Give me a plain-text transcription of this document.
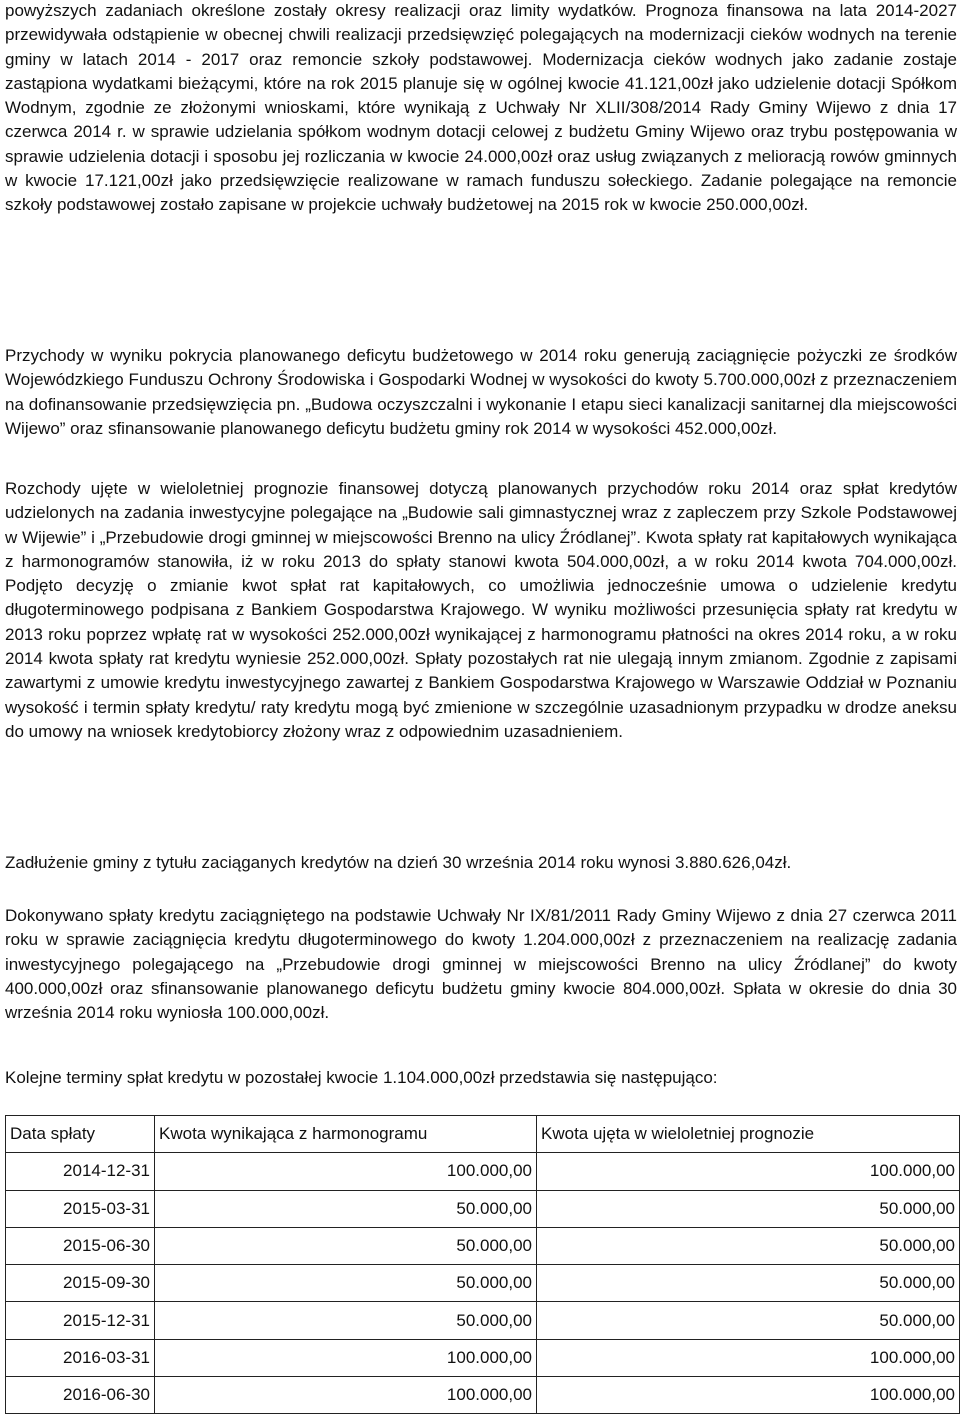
powyższych zadaniach określone zostały okresy realizacji oraz limity wydatków. Prognoza finansowa na lata 2014-2027 przewidywała odstąpienie w obecnej chwili realizacji przedsięwzięć polegających na modernizacji cieków wodnych na terenie gminy w latach 2014 - 2017 oraz remoncie szkoły podstawowej. Modernizacja cieków wodnych jako zadanie zostaje zastąpiona wydatkami bieżącymi, które na rok 2015 planuje się w ogólnej kwocie 41.121,00zł jako udzielenie dotacji Spółkom Wodnym, zgodnie ze złożonymi wnioskami, które wynikają z Uchwały Nr XLII/308/2014 Rady Gminy Wijewo z dnia 17 czerwca 2014 r. w sprawie udzielania spółkom wodnym dotacji celowej z budżetu Gminy Wijewo oraz trybu postępowania w sprawie udzielenia dotacji i sposobu jej rozliczania w kwocie 24.000,00zł oraz usług związanych z melioracją rowów gminnych w kwocie 17.121,00zł jako przedsięwzięcie realizowane w ramach funduszu sołeckiego. Zadanie polegające na remoncie szkoły podstawowej zostało zapisane w projekcie uchwały budżetowej na 2015 rok w kwocie 250.000,00zł.

Przychody w wyniku pokrycia planowanego deficytu budżetowego w 2014 roku generują zaciągnięcie pożyczki ze środków Wojewódzkiego Funduszu Ochrony Środowiska i Gospodarki Wodnej w wysokości do kwoty 5.700.000,00zł z przeznaczeniem na dofinansowanie przedsięwzięcia pn. „Budowa oczyszczalni i wykonanie I etapu sieci kanalizacji sanitarnej dla miejscowości Wijewo” oraz sfinansowanie planowanego deficytu budżetu gminy rok 2014 w wysokości 452.000,00zł.

Rozchody ujęte w wieloletniej prognozie finansowej dotyczą planowanych przychodów roku 2014 oraz spłat kredytów udzielonych na zadania inwestycyjne polegające na „Budowie sali gimnastycznej wraz z zapleczem przy Szkole Podstawowej w Wijewie” i „Przebudowie drogi gminnej w miejscowości Brenno na ulicy Źródlanej”. Kwota spłaty rat kapitałowych wynikająca z harmonogramów stanowiła, iż w roku 2013 do spłaty stanowi kwota 504.000,00zł, a w roku 2014 kwota 704.000,00zł. Podjęto decyzję o zmianie kwot spłat rat kapitałowych, co umożliwia jednocześnie umowa o udzielenie kredytu długoterminowego podpisana z Bankiem Gospodarstwa Krajowego. W wyniku możliwości przesunięcia spłaty rat kredytu w 2013 roku poprzez wpłatę rat w wysokości 252.000,00zł wynikającej z harmonogramu płatności na okres 2014 roku, a w roku 2014 kwota spłaty rat kredytu wyniesie 252.000,00zł. Spłaty pozostałych rat nie ulegają innym zmianom. Zgodnie z zapisami zawartymi z umowie kredytu inwestycyjnego zawartej z Bankiem Gospodarstwa Krajowego w Warszawie Oddział w Poznaniu wysokość i termin spłaty kredytu/ raty kredytu mogą być zmienione w szczególnie uzasadnionym przypadku w drodze aneksu do umowy na wniosek kredytobiorcy złożony wraz z odpowiednim uzasadnieniem.

Zadłużenie gminy z tytułu zaciąganych kredytów na dzień 30 września 2014 roku wynosi 3.880.626,04zł.

Dokonywano spłaty kredytu zaciągniętego na podstawie Uchwały Nr IX/81/2011 Rady Gminy Wijewo z dnia 27 czerwca 2011 roku w sprawie zaciągnięcia kredytu długoterminowego do kwoty 1.204.000,00zł z przeznaczeniem na realizację zadania inwestycyjnego polegającego na „Przebudowie drogi gminnej w miejscowości Brenno na ulicy Źródlanej” do kwoty 400.000,00zł oraz sfinansowanie planowanego deficytu budżetu gminy kwocie 804.000,00zł. Spłata w okresie do dnia 30 września 2014 roku wyniosła 100.000,00zł.

Kolejne terminy spłat kredytu w pozostałej kwocie 1.104.000,00zł przedstawia się następująco:

Data spłaty	Kwota wynikająca z harmonogramu	Kwota ujęta w wieloletniej prognozie
2014-12-31	100.000,00	100.000,00
2015-03-31	50.000,00	50.000,00
2015-06-30	50.000,00	50.000,00
2015-09-30	50.000,00	50.000,00
2015-12-31	50.000,00	50.000,00
2016-03-31	100.000,00	100.000,00
2016-06-30	100.000,00	100.000,00
